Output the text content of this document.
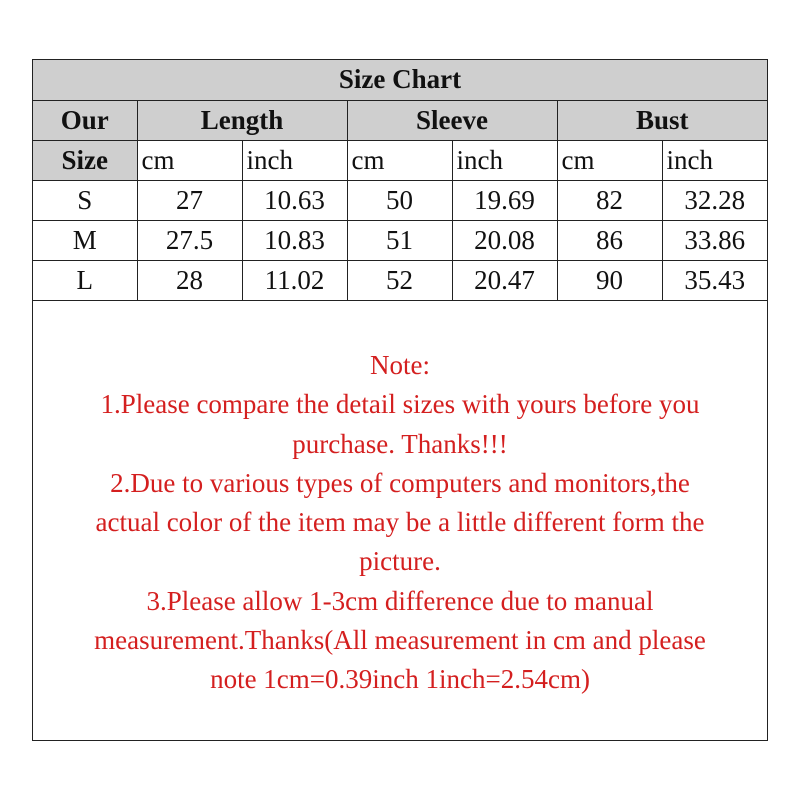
Size Chart						
Our	Length		Sleeve		Bust	
Size	cm	inch	cm	inch	cm	inch
S	27	10.63	50	19.69	82	32.28
M	27.5	10.83	51	20.08	86	33.86
L	28	11.02	52	20.47	90	35.43
Note:
1.Please compare the detail sizes with yours before you
purchase. Thanks!!!
2.Due to various types of computers and monitors,the
actual color of the item may be a little different form the
picture.
3.Please allow 1-3cm difference due to manual
measurement.Thanks(All measurement in cm and please
note 1cm=0.39inch 1inch=2.54cm)
